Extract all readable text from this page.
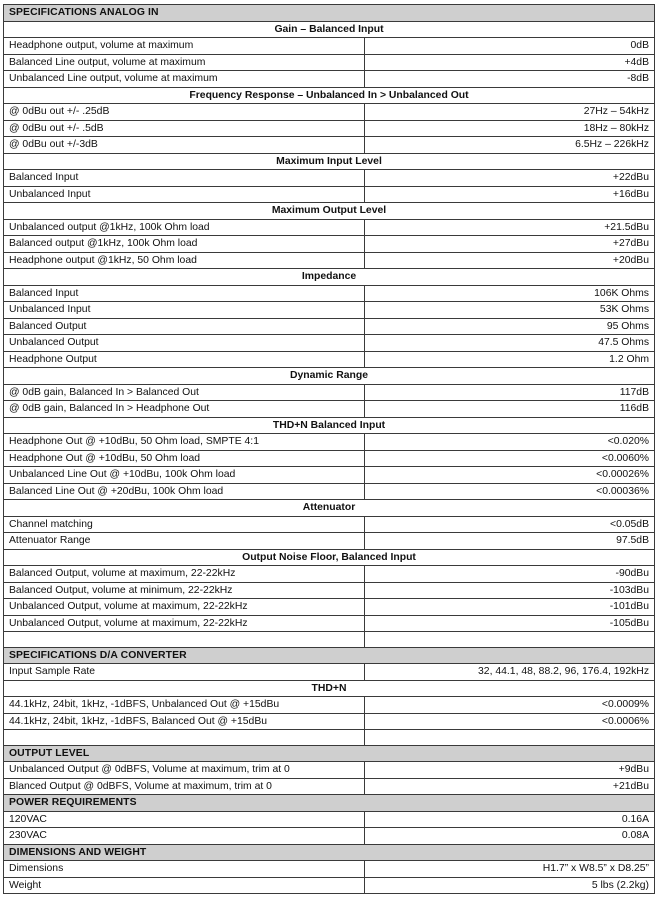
SPECIFICATIONS ANALOG IN	
Gain – Balanced Input	
Headphone output, volume at maximum	0dB
Balanced Line output, volume at maximum	+4dB
Unbalanced Line output, volume at maximum	-8dB
Frequency Response – Unbalanced In > Unbalanced Out	
@ 0dBu out +/- .25dB	27Hz – 54kHz
@ 0dBu out +/- .5dB	18Hz – 80kHz
@ 0dBu out +/-3dB	6.5Hz – 226kHz
Maximum Input Level	
Balanced Input	+22dBu
Unbalanced Input	+16dBu
Maximum Output Level	
Unbalanced output @1kHz, 100k Ohm load	+21.5dBu
Balanced output @1kHz, 100k Ohm load	+27dBu
Headphone output @1kHz, 50 Ohm load	+20dBu
Impedance	
Balanced Input	106K Ohms
Unbalanced Input	53K Ohms
Balanced Output	95 Ohms
Unbalanced Output	47.5 Ohms
Headphone Output	1.2 Ohm
Dynamic Range	
@ 0dB gain, Balanced In > Balanced Out	117dB
@ 0dB gain, Balanced In > Headphone Out	116dB
THD+N Balanced Input	
Headphone Out @ +10dBu, 50 Ohm load, SMPTE 4:1	<0.020%
Headphone Out @ +10dBu, 50 Ohm load	<0.0060%
Unbalanced Line Out @ +10dBu, 100k Ohm load	<0.00026%
Balanced Line Out @ +20dBu, 100k Ohm load	<0.00036%
Attenuator	
Channel matching	<0.05dB
Attenuator Range	97.5dB
Output Noise Floor, Balanced Input	
Balanced Output, volume at maximum, 22-22kHz	-90dBu
Balanced Output, volume at minimum, 22-22kHz	-103dBu
Unbalanced Output, volume at maximum, 22-22kHz	-101dBu
Unbalanced Output, volume at maximum, 22-22kHz	-105dBu

SPECIFICATIONS D/A CONVERTER	
Input Sample Rate	32, 44.1, 48, 88.2, 96, 176.4, 192kHz
THD+N	
44.1kHz, 24bit, 1kHz, -1dBFS, Unbalanced Out @ +15dBu	<0.0009%
44.1kHz, 24bit, 1kHz, -1dBFS, Balanced Out @ +15dBu	<0.0006%

OUTPUT LEVEL	
Unbalanced Output @ 0dBFS, Volume at maximum, trim at 0	+9dBu
Blanced Output @ 0dBFS, Volume at maximum, trim at 0	+21dBu
POWER REQUIREMENTS	
120VAC	0.16A
230VAC	0.08A
DIMENSIONS AND WEIGHT	
Dimensions	H1.7” x W8.5” x D8.25”
Weight	5 lbs (2.2kg)
